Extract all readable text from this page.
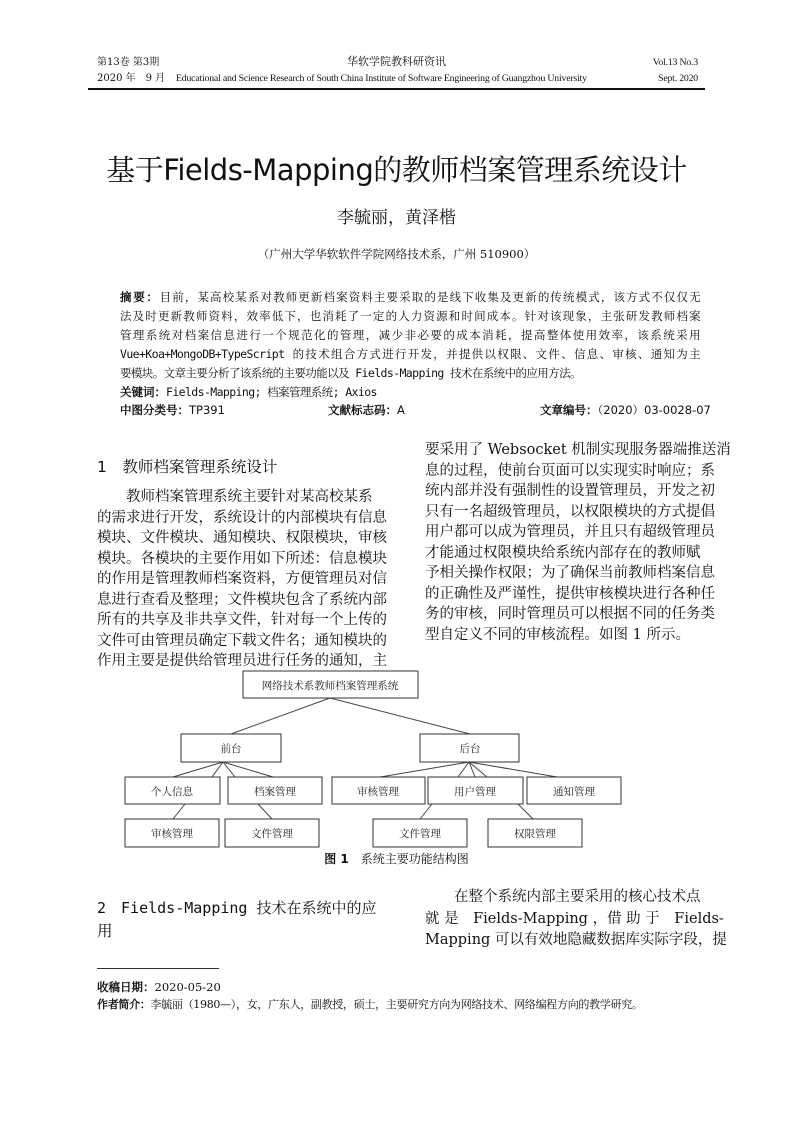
第13卷 第3期
2020 年　9 月
华软学院教科研资讯
Educational and Science Research of South China Institute of Software Engineering of Guangzhou University
Vol.13 No.3
Sept. 2020
基于Fields-Mapping的教师档案管理系统设计
李毓丽，黄泽楷
（广州大学华软软件学院网络技术系，广州 510900）
摘要：目前，某高校某系对教师更新档案资料主要采取的是线下收集及更新的传统模式，该方式不仅仅无
法及时更新教师资料，效率低下，也消耗了一定的人力资源和时间成本。针对该现象，主张研发教师档案
管理系统对档案信息进行一个规范化的管理，减少非必要的成本消耗，提高整体使用效率，该系统采用
Vue+Koa+MongoDB+TypeScript 的技术组合方式进行开发，并提供以权限、文件、信息、审核、通知为主
要模块。文章主要分析了该系统的主要功能以及 Fields-Mapping 技术在系统中的应用方法。
关键词：Fields-Mapping; 档案管理系统; Axios
中图分类号：TP391	文献标志码：A	文章编号：（2020）03-0028-07
1　教师档案管理系统设计
　　教师档案管理系统主要针对某高校某系
的需求进行开发，系统设计的内部模块有信息
模块、文件模块、通知模块、权限模块，审核
模块。各模块的主要作用如下所述：信息模块
的作用是管理教师档案资料，方便管理员对信
息进行查看及整理；文件模块包含了系统内部
所有的共享及非共享文件，针对每一个上传的
文件可由管理员确定下载文件名；通知模块的
作用主要是提供给管理员进行任务的通知，主
要采用了 Websocket 机制实现服务器端推送消
息的过程，使前台页面可以实现实时响应；系
统内部并没有强制性的设置管理员，开发之初
只有一名超级管理员，以权限模块的方式提倡
用户都可以成为管理员，并且只有超级管理员
才能通过权限模块给系统内部存在的教师赋
予相关操作权限；为了确保当前教师档案信息
的正确性及严谨性，提供审核模块进行各种任
务的审核，同时管理员可以根据不同的任务类
型自定义不同的审核流程。如图 1 所示。
网络技术系教师档案管理系统
前台	后台
个人信息	档案管理	审核管理	用户管理	通知管理
审核管理	文件管理	文件管理	权限管理
图 1　 系统主要功能结构图
2　Fields-Mapping 技术在系统中的应
用
　　在整个系统内部主要采用的核心技术点
就 是　Fields-Mapping ，借 助 于　Fields-
Mapping 可以有效地隐藏数据库实际字段，提
收稿日期：2020-05-20
作者简介：李毓丽（1980—），女，广东人，副教授，硕士，主要研究方向为网络技术、网络编程方向的教学研究。
